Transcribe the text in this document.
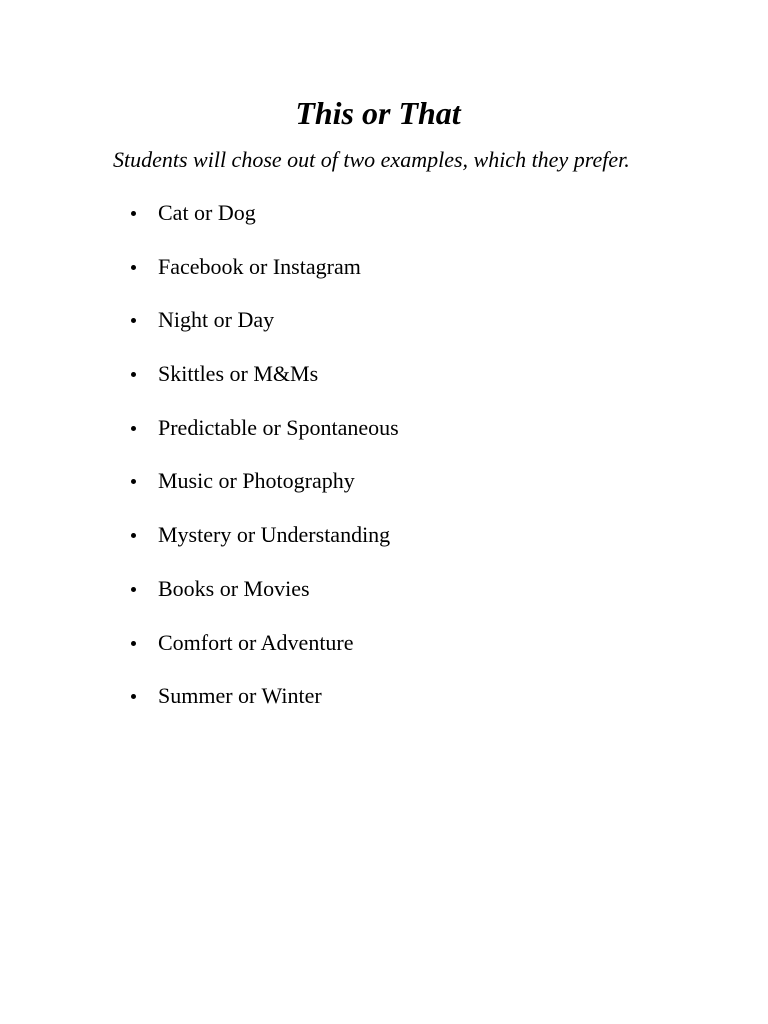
This or That

Students will chose out of two examples, which they prefer.

Cat or Dog
Facebook or Instagram
Night or Day
Skittles or M&Ms
Predictable or Spontaneous
Music or Photography
Mystery or Understanding
Books or Movies
Comfort or Adventure
Summer or Winter
